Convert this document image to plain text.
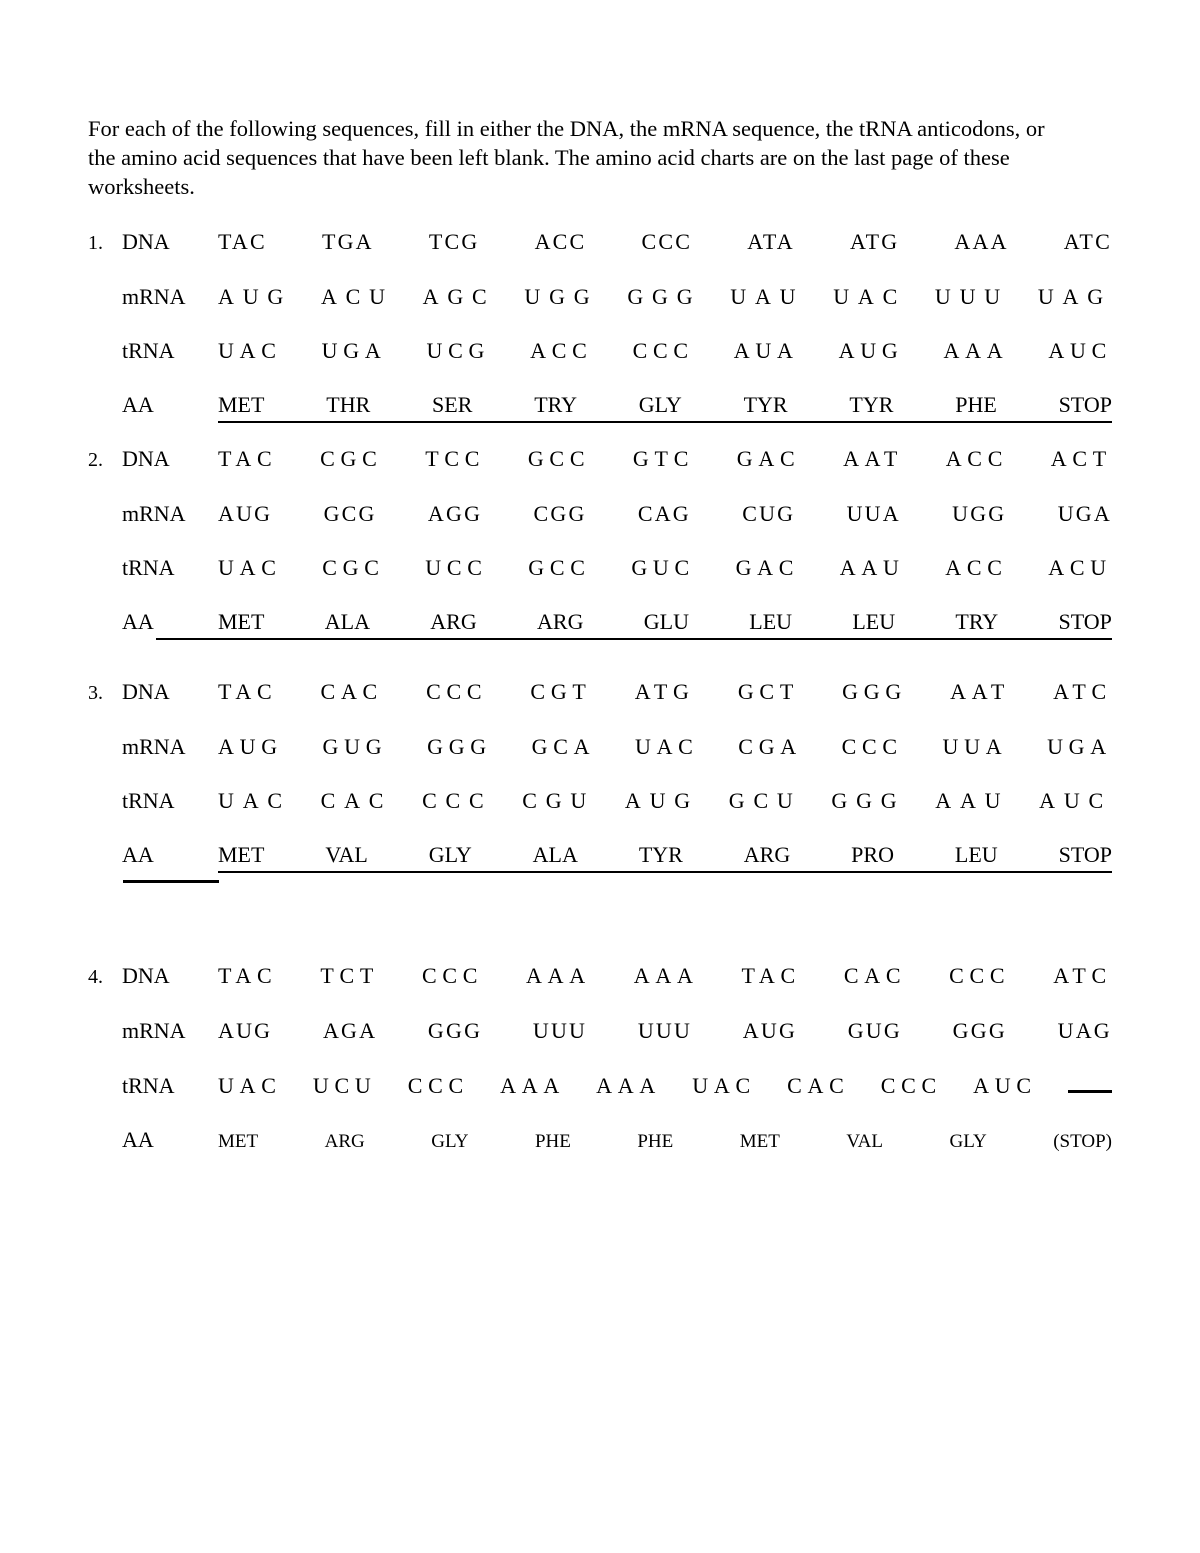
For each of the following sequences, fill in either the DNA, the mRNA sequence, the tRNA anticodons, or
the amino acid sequences that have been left blank. The amino acid charts are on the last page of these
worksheets.
1. DNA	TAC	TGA	TCG	ACC	CCC	ATA	ATG	AAA	ATC
mRNA	AUG ACU AGC UGG GGG UAU UAC UUU UAG
tRNA	UAC UGA UCG ACC CCC AUA AUG AAA AUC
AA	MET	THR	SER	TRY	GLY	TYR	TYR	PHE	STOP
2. DNA	TAC CGC TCC GCC GTC GAC AAT ACC ACT
mRNA	AUG GCG AGG CGG CAG CUG UUA UGG UGA
tRNA	UAC CGC UCC GCC GUC GAC AAU ACC ACU
AA	MET	ALA	ARG	ARG	GLU	LEU	LEU	TRY	STOP
3. DNA	TAC CAC CCC CGT ATG GCT GGG AAT ATC
mRNA	AUG GUG GGG GCA UAC CGA CCC UUA UGA
tRNA	UAC CAC CCC CGU AUG GCU GGG AAU AUC
AA	MET	VAL	GLY	ALA	TYR	ARG	PRO	LEU	STOP
4. DNA	TAC TCT CCC AAA AAA TAC CAC CCC ATC
mRNA	AUG AGA GGG UUU UUU AUG GUG GGG UAG
tRNA	UAC UCU CCC AAA AAA UAC CAC CCC AUC
AA	MET	ARG	GLY	PHE	PHE	MET	VAL	GLY	(STOP)
